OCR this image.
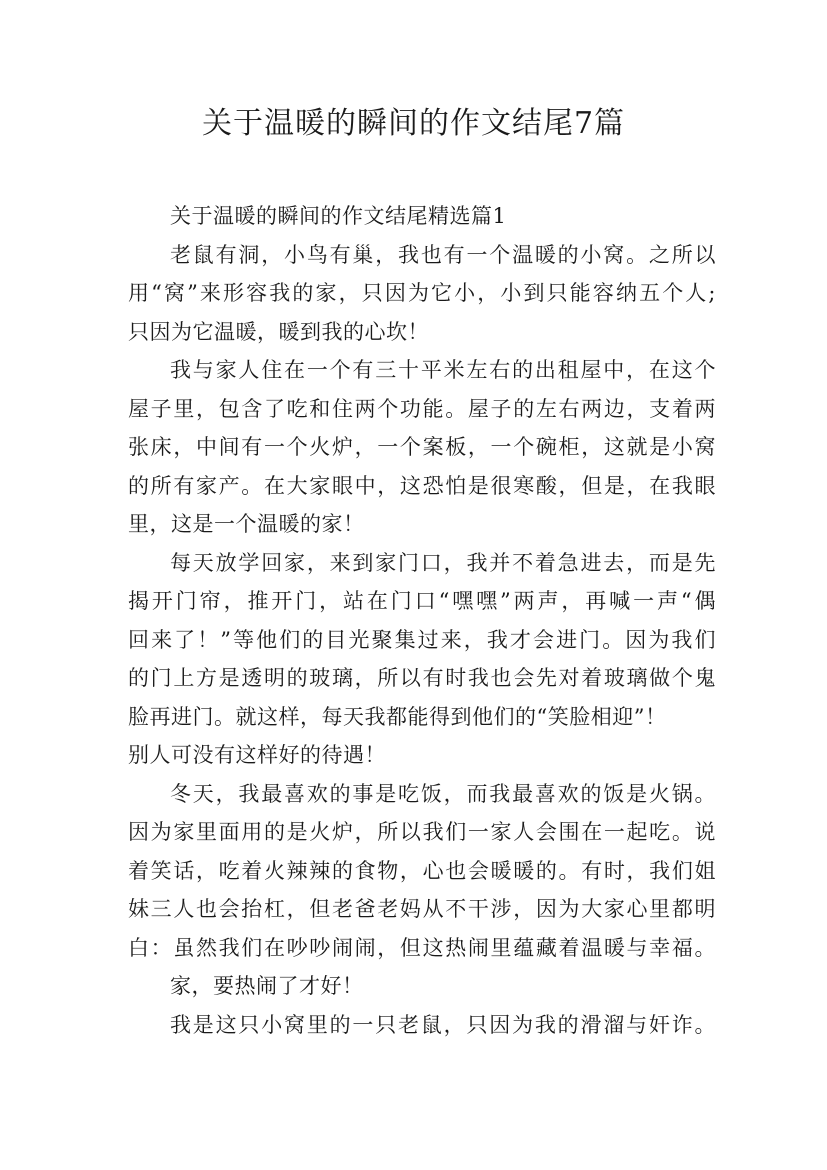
关于温暖的瞬间的作文结尾7篇
关于温暖的瞬间的作文结尾精选篇1
老鼠有洞，小鸟有巢，我也有一个温暖的小窝。之所以
用“窝”来形容我的家，只因为它小，小到只能容纳五个人;
只因为它温暖，暖到我的心坎！
我与家人住在一个有三十平米左右的出租屋中，在这个
屋子里，包含了吃和住两个功能。屋子的左右两边，支着两
张床，中间有一个火炉，一个案板，一个碗柜，这就是小窝
的所有家产。在大家眼中，这恐怕是很寒酸，但是，在我眼
里，这是一个温暖的家！
每天放学回家，来到家门口，我并不着急进去，而是先
揭开门帘，推开门，站在门口“嘿嘿”两声，再喊一声“偶
回来了！”等他们的目光聚集过来，我才会进门。因为我们
的门上方是透明的玻璃，所以有时我也会先对着玻璃做个鬼
脸再进门。就这样，每天我都能得到他们的“笑脸相迎”！
别人可没有这样好的待遇！
冬天，我最喜欢的事是吃饭，而我最喜欢的饭是火锅。
因为家里面用的是火炉，所以我们一家人会围在一起吃。说
着笑话，吃着火辣辣的食物，心也会暖暖的。有时，我们姐
妹三人也会抬杠，但老爸老妈从不干涉，因为大家心里都明
白：虽然我们在吵吵闹闹，但这热闹里蕴藏着温暖与幸福。
家，要热闹了才好！
我是这只小窝里的一只老鼠，只因为我的滑溜与奸诈。
